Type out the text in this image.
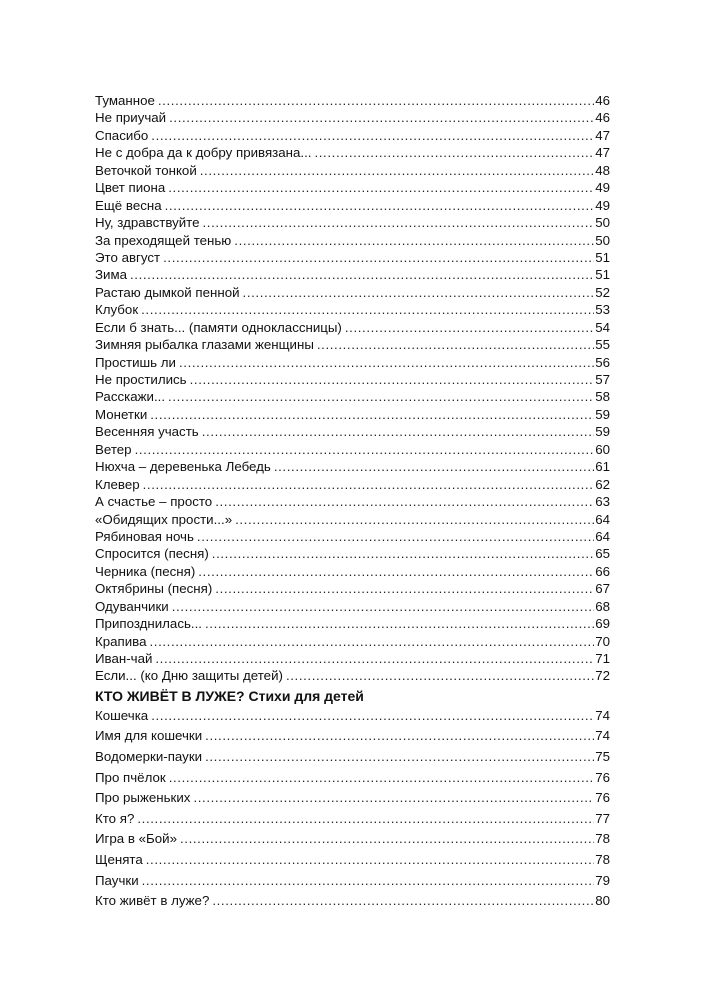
Туманное .....	46
Не приучай .....	46
Спасибо .....	47
Не с добра да к добру привязана... .....	47
Веточкой тонкой .....	48
Цвет пиона .....	49
Ещё весна .....	49
Ну, здравствуйте .....	50
За преходящей тенью .....	50
Это август .....	51
Зима .....	51
Растаю дымкой пенной .....	52
Клубок .....	53
Если б знать... (памяти одноклассницы) .....	54
Зимняя рыбалка глазами женщины .....	55
Простишь ли .....	56
Не простились .....	57
Расскажи... .....	58
Монетки .....	59
Весенняя участь .....	59
Ветер .....	60
Нюхча – деревенька Лебедь .....	61
Клевер .....	62
А счастье – просто .....	63
«Обидящих прости...» .....	64
Рябиновая ночь .....	64
Спросится (песня) .....	65
Черника (песня) .....	66
Октябрины (песня) .....	67
Одуванчики .....	68
Припозднилась... .....	69
Крапива .....	70
Иван-чай .....	71
Если... (ко Дню защиты детей) .....	72
КТО ЖИВЁТ В ЛУЖЕ? Стихи для детей
Кошечка .....	74
Имя для кошечки .....	74
Водомерки-пауки .....	75
Про пчёлок .....	76
Про рыженьких .....	76
Кто я? .....	77
Игра в «Бой» .....	78
Щенята .....	78
Паучки .....	79
Кто живёт в луже? .....	80
